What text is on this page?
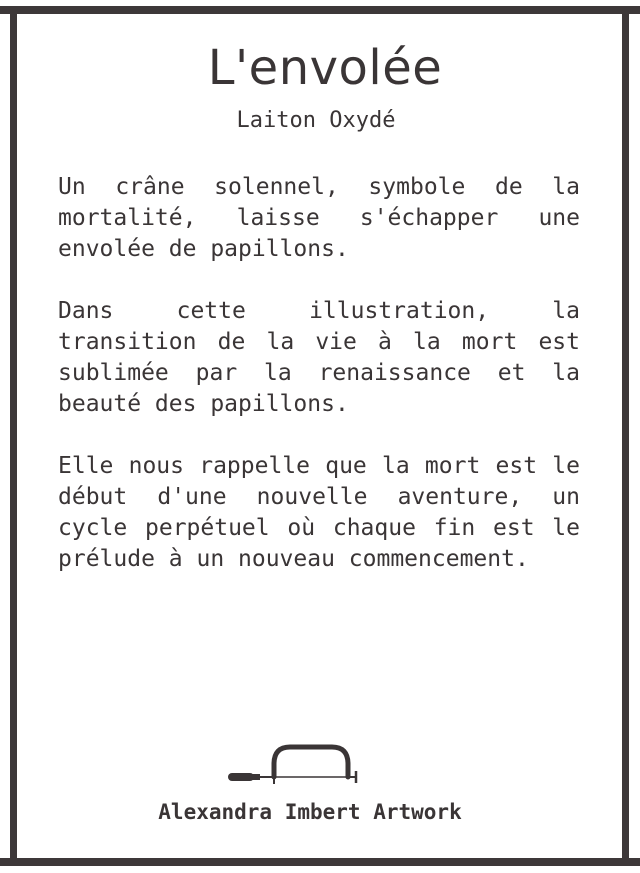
L'envolée
Laiton Oxydé

Un crâne solennel, symbole de la mortalité, laisse s'échapper une envolée de papillons.

Dans cette illustration, la transition de la vie à la mort est sublimée par la renaissance et la beauté des papillons.

Elle nous rappelle que la mort est le début d'une nouvelle aventure, un cycle perpétuel où chaque fin est le prélude à un nouveau commencement.

Alexandra Imbert Artwork
